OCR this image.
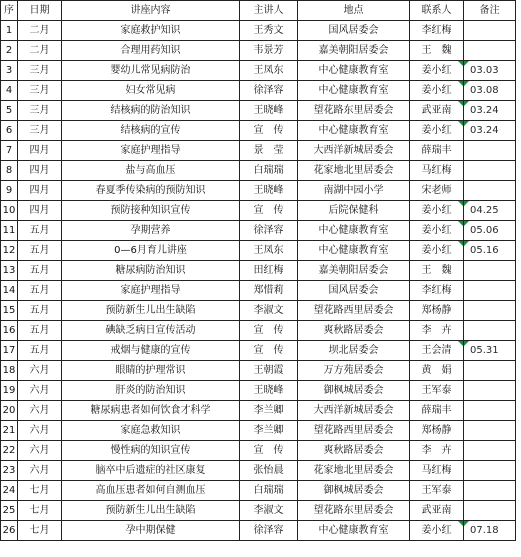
序	日期	讲座内容	主讲人	地点	联系人	备注
1	二月	家庭救护知识	王秀文	国风居委会	李红梅	
2	二月	合理用药知识	韦景芳	嘉美朝阳居委会	王　魏	
3	三月	婴幼儿常见病防治	王凤东	中心健康教育室	姜小红	03.03
4	三月	妇女常见病	徐泽容	中心健康教育室	姜小红	03.08
5	三月	结核病的防治知识	王晓峰	望花路东里居委会	武亚南	03.24
6	三月	结核病的宣传	宣　传	中心健康教育室	姜小红	03.24
7	四月	家庭护理指导	景　莹	大西洋新城居委会	薛瑞丰	
8	四月	盐与高血压	白瑞瑞	花家地北里居委会	马红梅	
9	四月	春夏季传染病的预防知识	王晓峰	南湖中园小学	宋老师	
10	四月	预防接种知识宣传	宣　传	后院保健科	姜小红	04.25
11	五月	孕期营养	徐泽容	中心健康教育室	姜小红	05.06
12	五月	0—6月育儿讲座	王凤东	中心健康教育室	姜小红	05.16
13	五月	糖尿病防治知识	田红梅	嘉美朝阳居委会	王　魏	
14	五月	家庭护理指导	郑惜莉	国风居委会	李红梅	
15	五月	预防新生儿出生缺陷	李淑文	望花路西里居委会	郑杨静	
16	五月	碘缺乏病日宣传活动	宣　传	爽秋路居委会	李　卉	
17	五月	戒烟与健康的宣传	宣　传	坝北居委会	王会清	05.31
18	六月	眼睛的护理常识	王朝霞	万方苑居委会	黄　娟	
19	六月	肝炎的防治知识	王晓峰	御枫城居委会	王军泰	
20	六月	糖尿病患者如何饮食才科学	李兰卿	大西洋新城居委会	薛瑞丰	
21	六月	家庭急救知识	李兰卿	望花路西里居委会	郑杨静	
22	六月	慢性病的知识宣传	宣　传	爽秋路居委会	李　卉	
23	六月	脑卒中后遗症的社区康复	张怡晨	花家地北里居委会	马红梅	
24	七月	高血压患者如何自测血压	白瑞瑞	御枫城居委会	王军泰	
25	七月	预防新生儿出生缺陷	李淑文	望花路东里居委会	武亚南	
26	七月	孕中期保健	徐泽容	中心健康教育室	姜小红	07.18
